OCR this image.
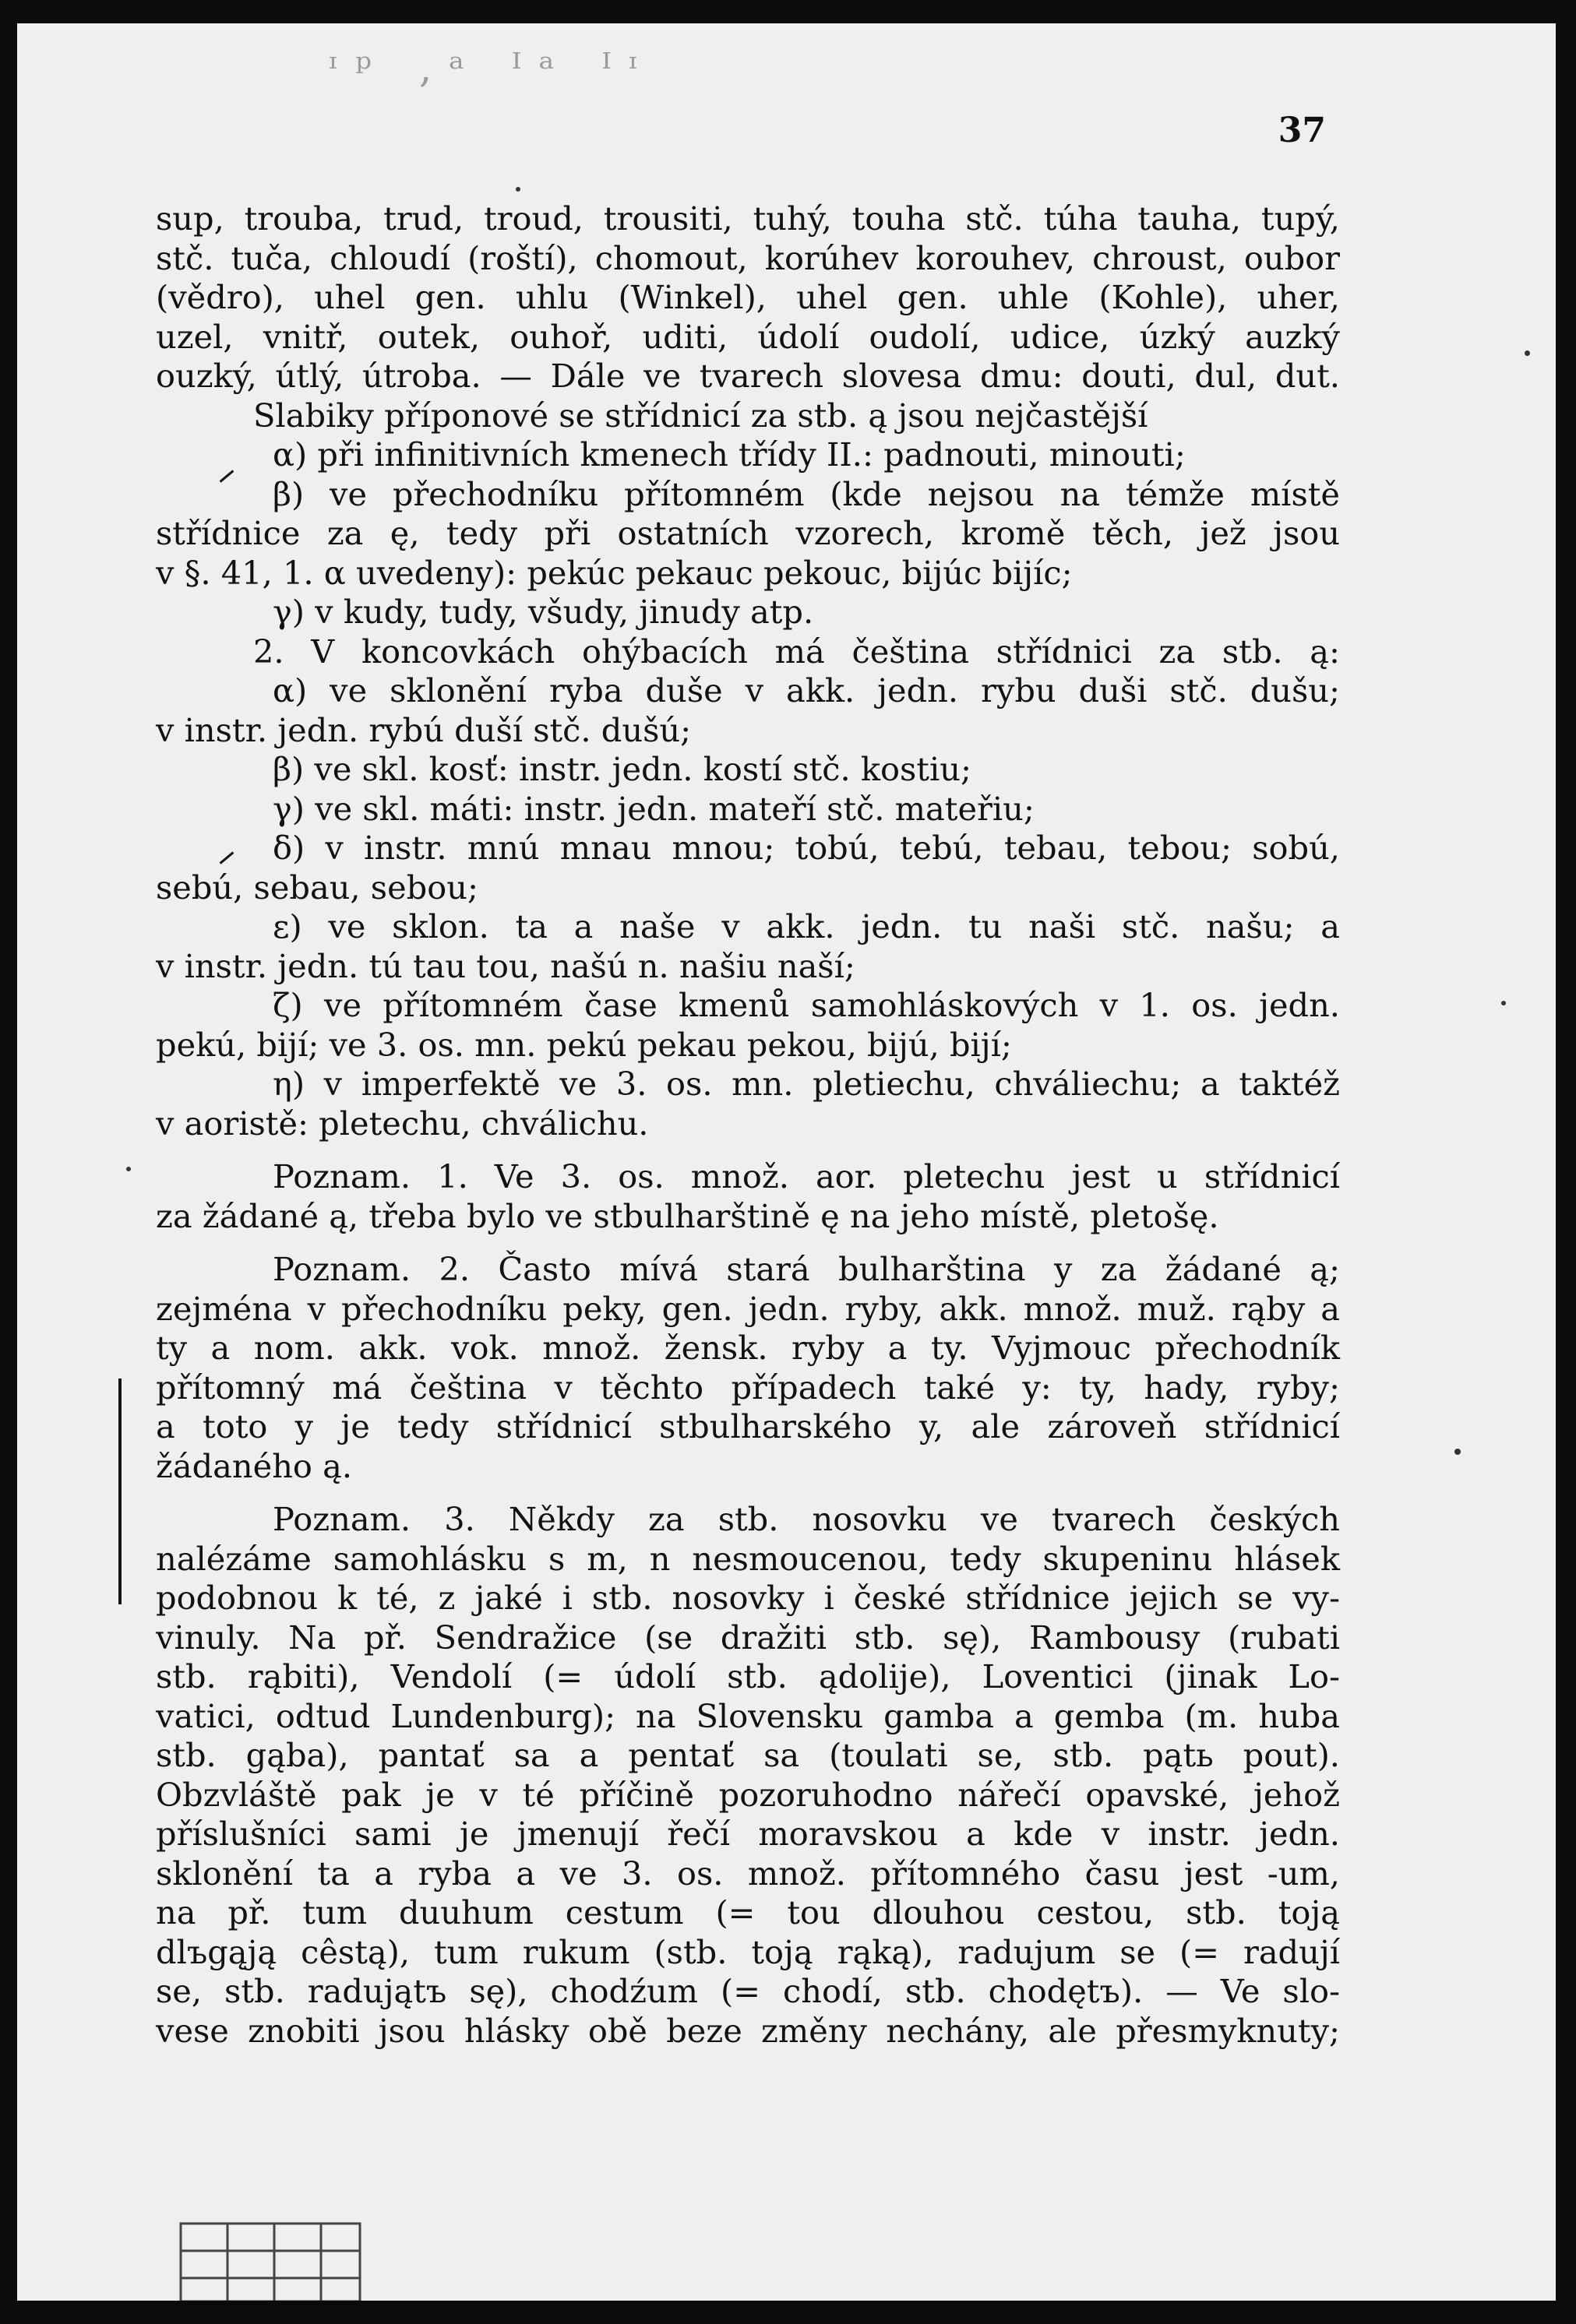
ᶦᵖ ‚ᵃ ᴵᵃ ᴵᶦ
37
sup, trouba, trud, troud, trousiti, tuhý, touha stč. túha tauha, tupý,
stč. tuča, chloudí (roští), chomout, korúhev korouhev, chroust, oubor
(vědro), uhel gen. uhlu (Winkel), uhel gen. uhle (Kohle), uher,
uzel, vnitř, outek, ouhoř, uditi, údolí oudolí, udice, úzký auzký
ouzký, útlý, útroba. — Dále ve tvarech slovesa dmu: douti, dul, dut.
Slabiky příponové se střídnicí za stb. ą jsou nejčastější
α) při infinitivních kmenech třídy II.: padnouti, minouti;
β) ve přechodníku přítomném (kde nejsou na témže místě
střídnice za ę, tedy při ostatních vzorech, kromě těch, jež jsou
v §. 41, 1. α uvedeny): pekúc pekauc pekouc, bijúc bijíc;
γ) v kudy, tudy, všudy, jinudy atp.
2. V koncovkách ohýbacích má čeština střídnici za stb. ą:
α) ve sklonění ryba duše v akk. jedn. rybu duši stč. dušu;
v instr. jedn. rybú duší stč. dušú;
β) ve skl. kosť: instr. jedn. kostí stč. kostiu;
γ) ve skl. máti: instr. jedn. mateří stč. mateřiu;
δ) v instr. mnú mnau mnou; tobú, tebú, tebau, tebou; sobú,
sebú, sebau, sebou;
ε) ve sklon. ta a naše v akk. jedn. tu naši stč. našu; a
v instr. jedn. tú tau tou, našú n. našiu naší;
ζ) ve přítomném čase kmenů samohláskových v 1. os. jedn.
pekú, bijí; ve 3. os. mn. pekú pekau pekou, bijú, bijí;
η) v imperfektě ve 3. os. mn. pletiechu, chváliechu; a taktéž
v aoristě: pletechu, chválichu.
Poznam. 1. Ve 3. os. množ. aor. pletechu jest u střídnicí
za žádané ą, třeba bylo ve stbulharštině ę na jeho místě, pletošę.
Poznam. 2. Často mívá stará bulharština y za žádané ą;
zejména v přechodníku peky, gen. jedn. ryby, akk. množ. muž. rąby a
ty a nom. akk. vok. množ. žensk. ryby a ty. Vyjmouc přechodník
přítomný má čeština v těchto případech také y: ty, hady, ryby;
a toto y je tedy střídnicí stbulharského y, ale zároveň střídnicí
žádaného ą.
Poznam. 3. Někdy za stb. nosovku ve tvarech českých
nalézáme samohlásku s m, n nesmoucenou, tedy skupeninu hlásek
podobnou k té, z jaké i stb. nosovky i české střídnice jejich se vy-
vinuly. Na př. Sendražice (se dražiti stb. sę), Rambousy (rubati
stb. rąbiti), Vendolí (= údolí stb. ądolije), Loventici (jinak Lo-
vatici, odtud Lundenburg); na Slovensku gamba a gemba (m. huba
stb. gąba), pantať sa a pentať sa (toulati se, stb. pątь pout).
Obzvláště pak je v té příčině pozoruhodno nářečí opavské, jehož
příslušníci sami je jmenují řečí moravskou a kde v instr. jedn.
sklonění ta a ryba a ve 3. os. množ. přítomného času jest -um,
na př. tum duuhum cestum (= tou dlouhou cestou, stb. toją
dlъgąją cêstą), tum rukum (stb. toją rąką), radujum se (= radují
se, stb. radujątъ sę), chodźum (= chodí, stb. chodętъ). — Ve slo-
vese znobiti jsou hlásky obě beze změny nechány, ale přesmyknuty;
